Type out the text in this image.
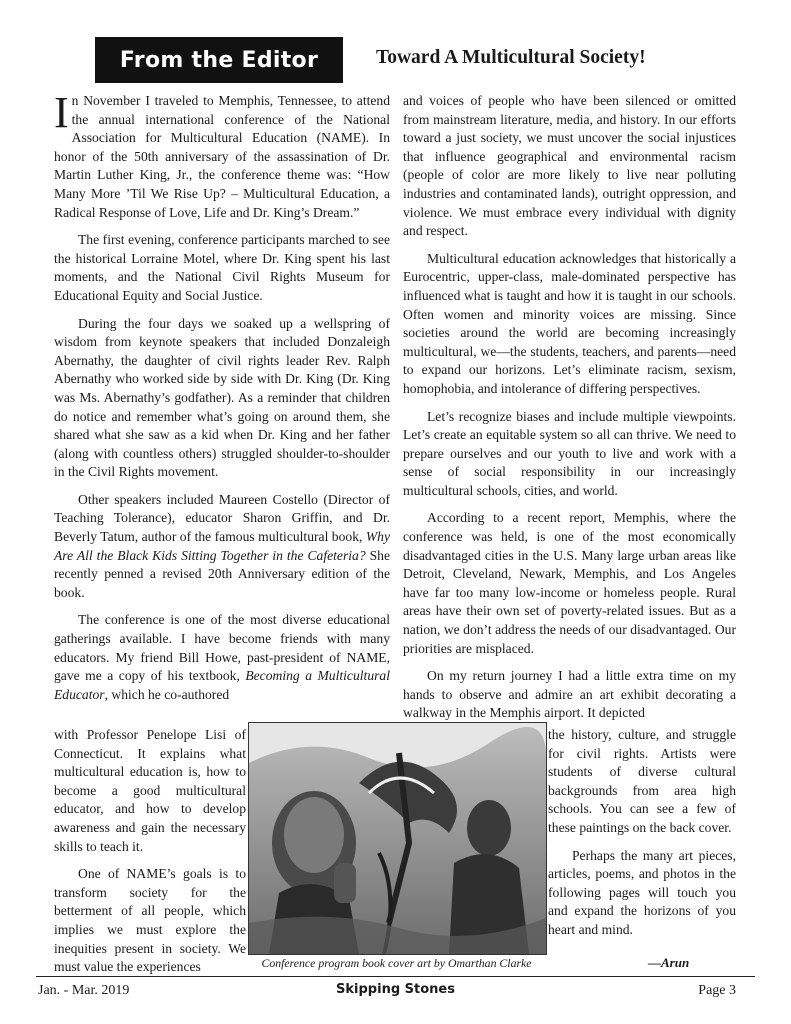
From the Editor	Toward A Multicultural Society!

In November I traveled to Memphis, Tennessee, to attend the annual international conference of the National Association for Multicultural Education (NAME). In honor of the 50th anniversary of the assassination of Dr. Martin Luther King, Jr., the conference theme was: “How Many More ’Til We Rise Up? – Multicultural Education, a Radical Response of Love, Life and Dr. King’s Dream.”

The first evening, conference participants marched to see the historical Lorraine Motel, where Dr. King spent his last moments, and the National Civil Rights Museum for Educational Equity and Social Justice.

During the four days we soaked up a wellspring of wisdom from keynote speakers that included Donzaleigh Abernathy, the daughter of civil rights leader Rev. Ralph Abernathy who worked side by side with Dr. King (Dr. King was Ms. Abernathy’s godfather). As a reminder that children do notice and remember what’s going on around them, she shared what she saw as a kid when Dr. King and her father (along with countless others) struggled shoulder-to-shoulder in the Civil Rights movement.

Other speakers included Maureen Costello (Director of Teaching Tolerance), educator Sharon Griffin, and Dr. Beverly Tatum, author of the famous multicultural book, Why Are All the Black Kids Sitting Together in the Cafeteria? She recently penned a revised 20th Anniversary edition of the book.

The conference is one of the most diverse educational gatherings available. I have become friends with many educators. My friend Bill Howe, past-president of NAME, gave me a copy of his textbook, Becoming a Multicultural Educator, which he co-authored

with Professor Penelope Lisi of Connecticut. It explains what multicultural education is, how to become a good multicultural educator, and how to develop awareness and gain the necessary skills to teach it.

One of NAME’s goals is to transform society for the betterment of all people, which implies we must explore the inequities present in society. We must value the experiences

and voices of people who have been silenced or omitted from mainstream literature, media, and history. In our efforts toward a just society, we must uncover the social injustices that influence geographical and environmental racism (people of color are more likely to live near polluting industries and contaminated lands), outright oppression, and violence. We must embrace every individual with dignity and respect.

Multicultural education acknowledges that historically a Eurocentric, upper-class, male-dominated perspective has influenced what is taught and how it is taught in our schools. Often women and minority voices are missing. Since societies around the world are becoming increasingly multicultural, we—the students, teachers, and parents—need to expand our horizons. Let’s eliminate racism, sexism, homophobia, and intolerance of differing perspectives.

Let’s recognize biases and include multiple viewpoints. Let’s create an equitable system so all can thrive. We need to prepare ourselves and our youth to live and work with a sense of social responsibility in our increasingly multicultural schools, cities, and world.

According to a recent report, Memphis, where the conference was held, is one of the most economically disadvantaged cities in the U.S. Many large urban areas like Detroit, Cleveland, Newark, Memphis, and Los Angeles have far too many low-income or homeless people. Rural areas have their own set of poverty-related issues. But as a nation, we don’t address the needs of our disadvantaged. Our priorities are misplaced.

On my return journey I had a little extra time on my hands to observe and admire an art exhibit decorating a walkway in the Memphis airport. It depicted

the history, culture, and struggle for civil rights. Artists were students of diverse cultural backgrounds from area high schools. You can see a few of these paintings on the back cover.

Perhaps the many art pieces, articles, poems, and photos in the following pages will touch you and expand the horizons of you heart and mind.

Conference program book cover art by Omarthan Clarke	—Arun
Jan. - Mar. 2019	Skipping Stones	Page 3
